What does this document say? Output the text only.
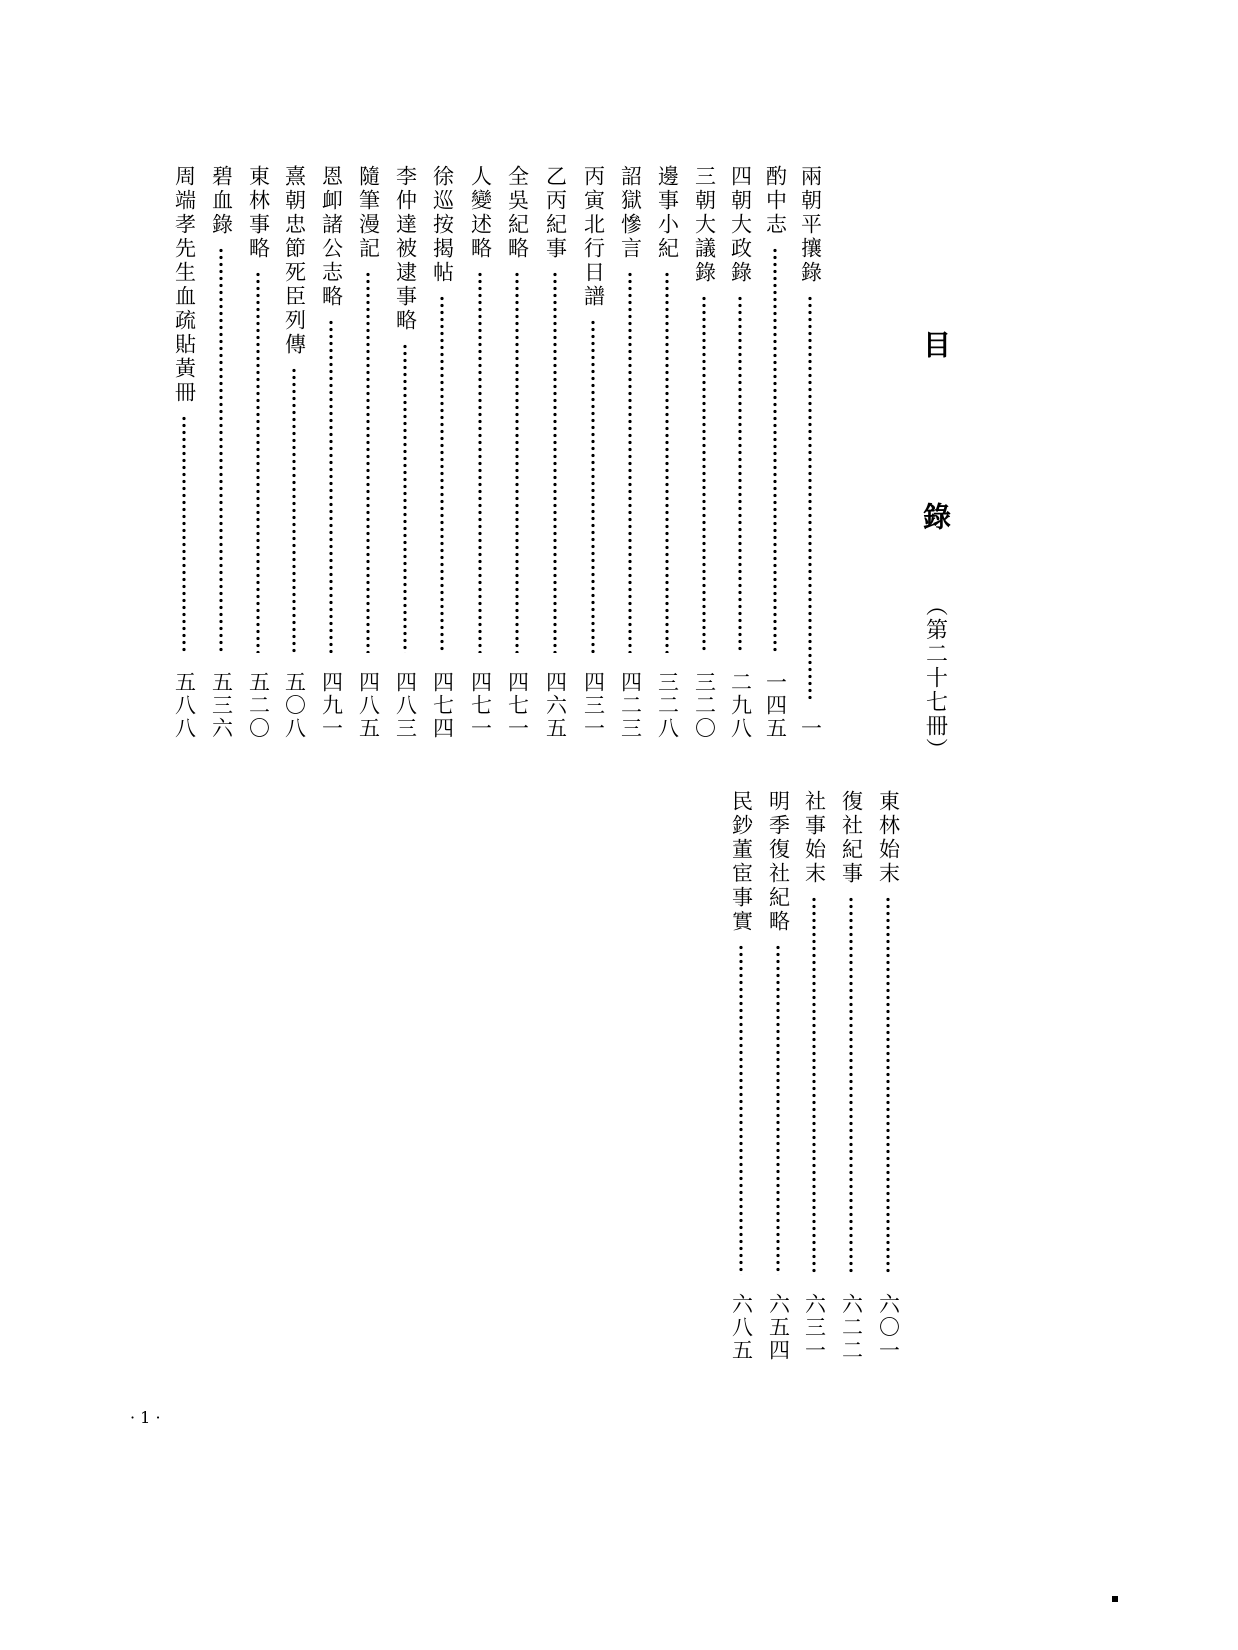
目　錄
（第二十七冊）
兩朝平攘錄
一
酌中志
一四五
四朝大政錄
二九八
三朝大議錄
三二〇
邊事小紀
三二八
詔獄慘言
四二三
丙寅北行日譜
四三一
乙丙紀事
四六五
全吳紀略
四七一
人變述略
四七一
徐巡按揭帖
四七四
李仲達被逮事略
四八三
隨筆漫記
四八五
恩卹諸公志略
四九一
熹朝忠節死臣列傳
五〇八
東林事略
五二〇
碧血錄
五三六
周端孝先生血疏貼黃冊
五八八
東林始末
六〇一
復社紀事
六二二
社事始末
六三一
明季復社紀略
六五四
民鈔董宦事實
六八五
· 1 ·
